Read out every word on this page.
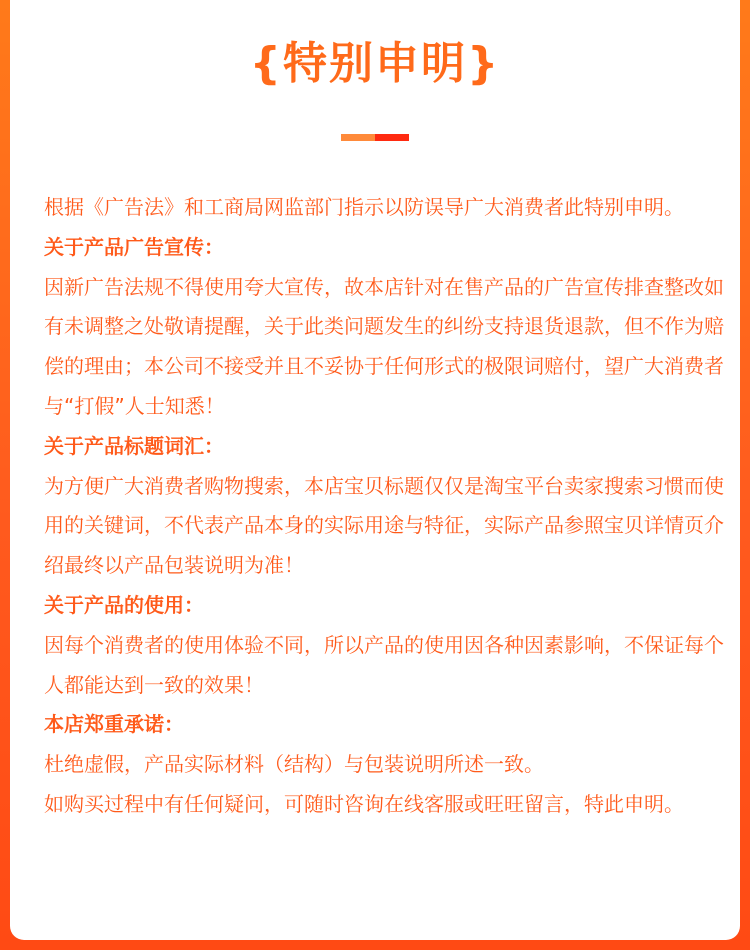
{特别申明}

根据《广告法》和工商局网监部门指示以防误导广大消费者此特别申明。

关于产品广告宣传：

因新广告法规不得使用夸大宣传，故本店针对在售产品的广告宣传排查整改如有未调整之处敬请提醒，关于此类问题发生的纠纷支持退货退款，但不作为赔偿的理由；本公司不接受并且不妥协于任何形式的极限词赔付，望广大消费者与“打假”人士知悉！

关于产品标题词汇：

为方便广大消费者购物搜索，本店宝贝标题仅仅是淘宝平台卖家搜索习惯而使用的关键词，不代表产品本身的实际用途与特征，实际产品参照宝贝详情页介绍最终以产品包装说明为准！

关于产品的使用：

因每个消费者的使用体验不同，所以产品的使用因各种因素影响，不保证每个人都能达到一致的效果！

本店郑重承诺：

杜绝虚假，产品实际材料（结构）与包装说明所述一致。

如购买过程中有任何疑问，可随时咨询在线客服或旺旺留言，特此申明。
